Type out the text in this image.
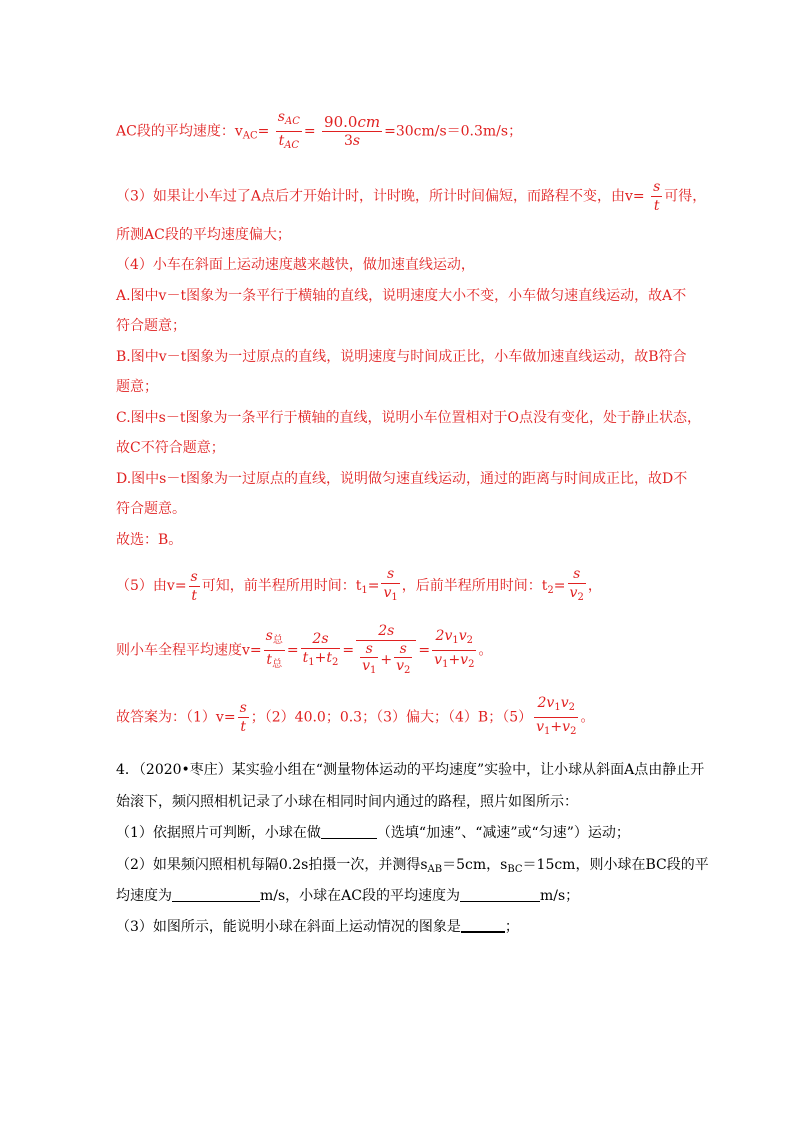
AC段的平均速度：$v_{AC}= \frac{s_{AC}}{t_{AC}} = \frac{90.0cm}{3s} =30cm/s=0.3m/s$；
（3）如果让小车过了A点后才开始计时，计时晚，所计时间偏短，而路程不变，由$v= \frac{s}{t}$ 可得，
所测AC段的平均速度偏大；
（4）小车在斜面上运动速度越来越快，做加速直线运动，
A.图中v－t图象为一条平行于横轴的直线，说明速度大小不变，小车做匀速直线运动，故A不
符合题意；
B.图中v－t图象为一过原点的直线，说明速度与时间成正比，小车做加速直线运动，故B符合
题意；
C.图中s－t图象为一条平行于横轴的直线，说明小车位置相对于O点没有变化，处于静止状态，
故C不符合题意；
D.图中s－t图象为一过原点的直线，说明做匀速直线运动，通过的距离与时间成正比，故D不
符合题意。
故选：B。
（5）由$v= \frac{s}{t}$ 可知，前半程所用时间：$t_1= \frac{s}{v_1}$ ，后前半程所用时间：$t_2= \frac{s}{v_2}$ ，
则小车全程平均速度$v= \frac{s_总}{t_总} = \frac{2s}{t_1+t_2} = \frac{2s}{\frac{s}{v_1} + \frac{s}{v_2}} = \frac{2v_1v_2}{v_1+v_2}$ 。
故答案为：$(1)v= \frac{s}{t}$ ；（2）40.0；0.3；（3）偏大；（4）B；$(5) \frac{2v_1v_2}{v_1+v_2}$ 。
4．（2020•枣庄）某实验小组在“测量物体运动的平均速度”实验中，让小球从斜面A点由静止开
始滚下，频闪照相机记录了小球在相同时间内通过的路程，照片如图所示：
（1）依据照片可判断，小球在做	（选填“加速”、“减速”或“匀速”）运动；
（2）如果频闪照相机每隔0.2s拍摄一次，并测得$s_{AB}=5cm$，$s_{BC}=15cm$，则小球在BC段的平
均速度为	m/s，小球在AC段的平均速度为	m/s；
（3）如图所示，能说明小球在斜面上运动情况的图象是	；
